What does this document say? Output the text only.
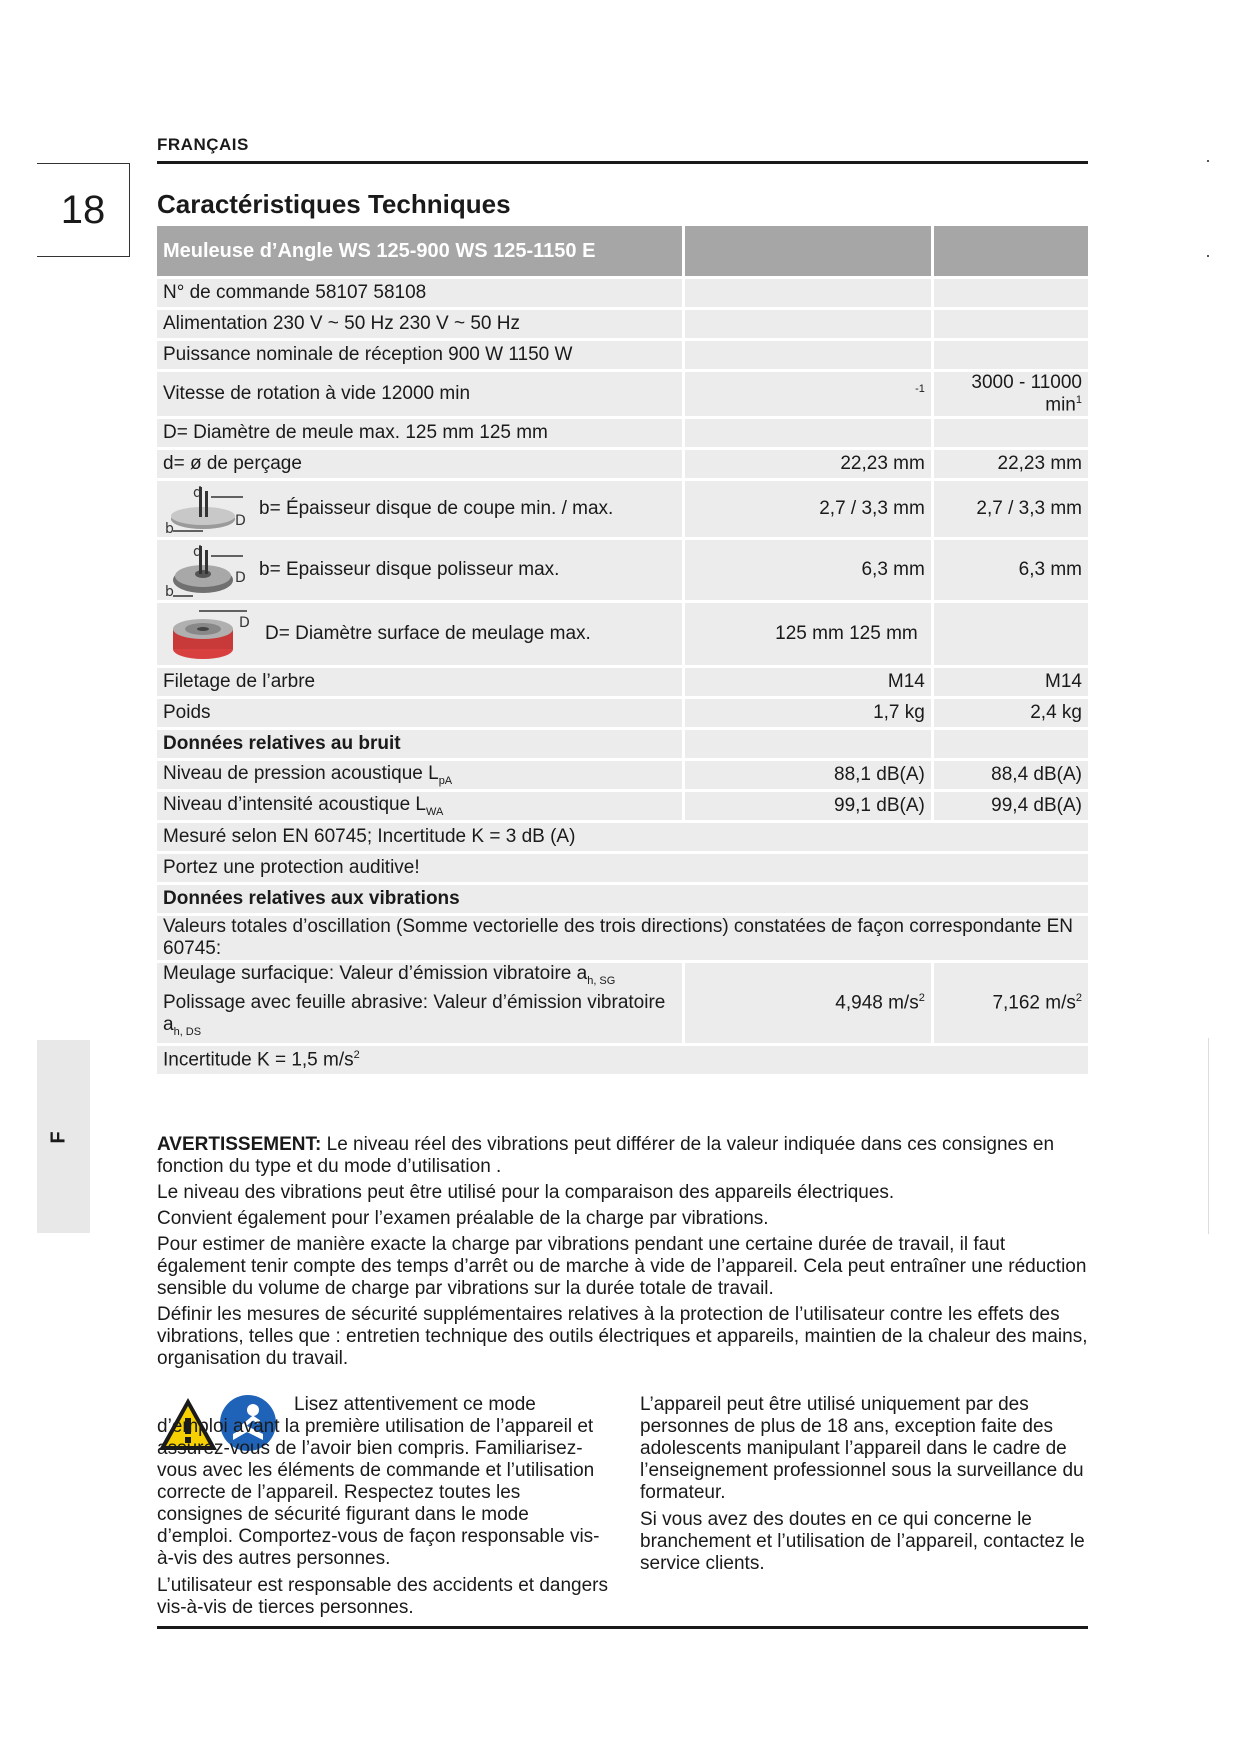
FRANÇAIS
18	Caractéristiques Techniques
F
Meuleuse d’Angle WS 125-900 WS 125-1150 E		
N° de commande 58107 58108		
Alimentation 230 V ~ 50 Hz 230 V ~ 50 Hz		
Puissance nominale de réception 900 W 1150 W		
Vitesse de rotation à vide 12000 min	$^{-1}$	3000 - 11000 $\min^1$
D= Diamètre de meule max. 125 mm 125 mm		
d= ø de perçage	22,23 mm	22,23 mm

d
D
b
b= Épaisseur disque de coupe min. / max.	2,7 / 3,3 mm	2,7 / 3,3 mm

d
D
b
b= Epaisseur disque polisseur max.	6,3 mm	6,3 mm

D D= Diamètre surface de meulage max.	125 mm 125 mm	
Filetage de l’arbre	M14	M14
Poids	1,7 kg	2,4 kg
Données relatives au bruit		
Niveau de pression acoustique $L_{pA}$	88,1 dB(A)	88,4 dB(A)
Niveau d’intensité acoustique $L_{WA}$	99,1 dB(A)	99,4 dB(A)
Mesuré selon EN 60745; Incertitude K = 3 dB (A)		
Portez une protection auditive!		
Données relatives aux vibrations		
Valeurs totales d’oscillation (Somme vectorielle des trois directions) constatées de façon correspondante EN 60745:		

Meulage surfacique: Valeur d’émission vibratoire $a_{h, SG}$
Polissage avec feuille abrasive: Valeur d’émission vibratoire $a_{h, DS}$	4,948 $m/s^2$	7,162 $m/s^2$
Incertitude K = 1,5 $m/s^2$

AVERTISSEMENT: Le niveau réel des vibrations peut différer de la valeur indiquée dans ces consignes en fonction du type et du mode d’utilisation .

Le niveau des vibrations peut être utilisé pour la comparaison des appareils électriques.

Convient également pour l’examen préalable de la charge par vibrations.

Pour estimer de manière exacte la charge par vibrations pendant une certaine durée de travail, il faut également tenir compte des temps d’arrêt ou de marche à vide de l’appareil. Cela peut entraîner une réduction sensible du volume de charge par vibrations sur la durée totale de travail.

Définir les mesures de sécurité supplémentaires relatives à la protection de l’utilisateur contre les effets des vibrations, telles que : entretien technique des outils électriques et appareils, maintien de la chaleur des mains, organisation du travail.

Lisez attentivement ce mode d’emploi avant la première utilisation de l’appareil et assurez-vous de l’avoir bien compris. Familiarisez-vous avec les éléments de commande et l’utilisation correcte de l’appareil. Respectez toutes les consignes de sécurité figurant dans le mode d’emploi. Comportez-vous de façon responsable vis-à-vis des autres personnes.

L’utilisateur est responsable des accidents et dangers vis-à-vis de tierces personnes.

L’appareil peut être utilisé uniquement par des personnes de plus de 18 ans, exception faite des adolescents manipulant l’appareil dans le cadre de l’enseignement professionnel sous la surveillance du formateur.

Si vous avez des doutes en ce qui concerne le branchement et l’utilisation de l’appareil, contactez le service clients.
